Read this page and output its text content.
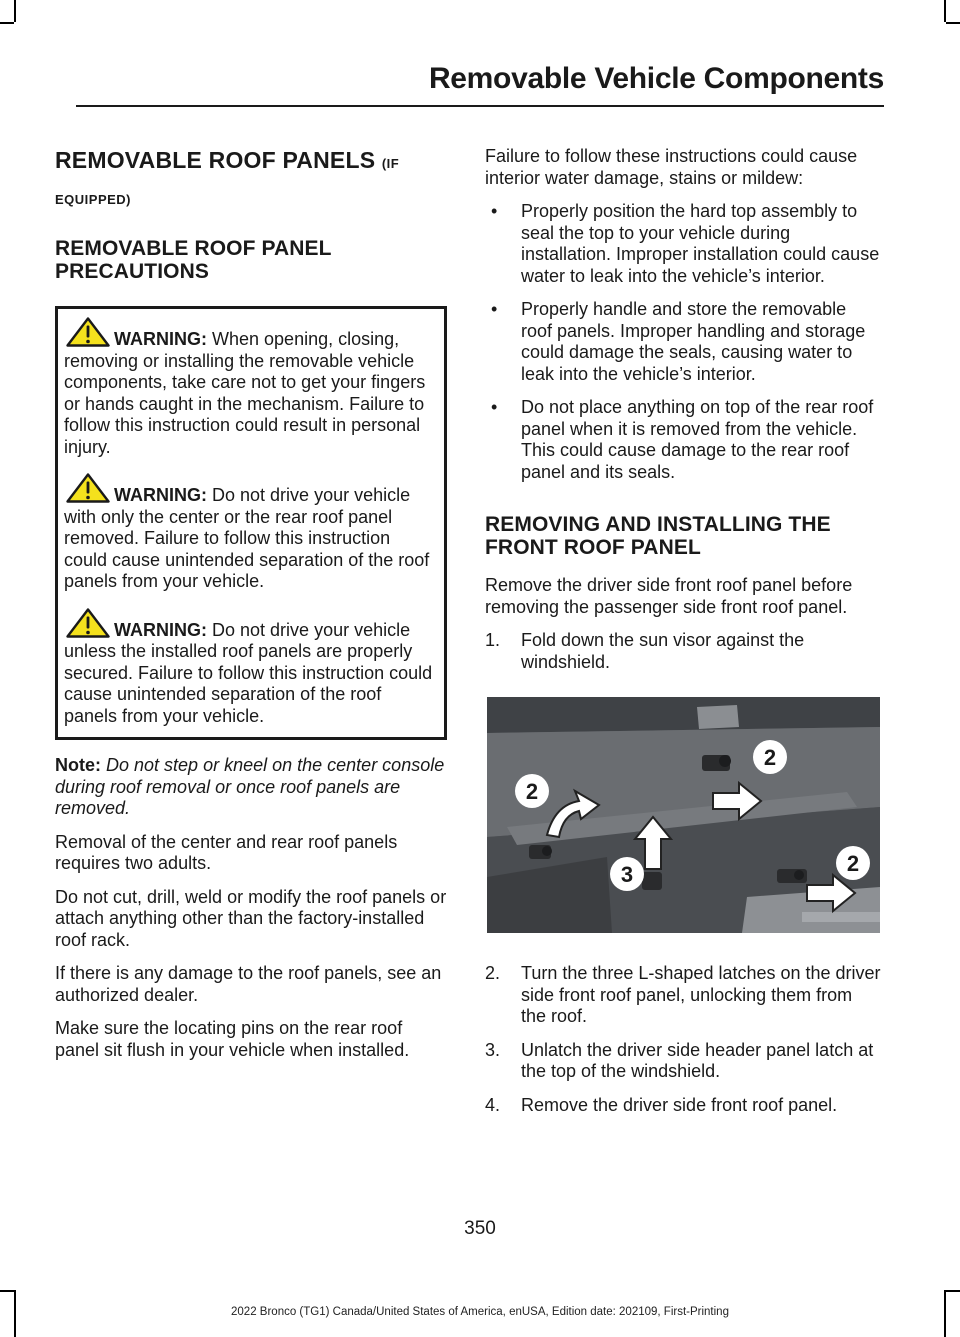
Removable Vehicle Components
REMOVABLE ROOF PANELS (IF
EQUIPPED)
REMOVABLE ROOF PANEL
PRECAUTIONS
WARNING: When opening, closing, removing or installing the removable vehicle components, take care not to get your fingers or hands caught in the mechanism. Failure to follow this instruction could result in personal injury.
WARNING: Do not drive your vehicle with only the center or the rear roof panel removed. Failure to follow this instruction could cause unintended separation of the roof panels from your vehicle.
WARNING: Do not drive your vehicle unless the installed roof panels are properly secured. Failure to follow this instruction could cause unintended separation of the roof panels from your vehicle.

Note: Do not step or kneel on the center console during roof removal or once roof panels are removed.

Removal of the center and rear roof panels requires two adults.

Do not cut, drill, weld or modify the roof panels or attach anything other than the factory-installed roof rack.

If there is any damage to the roof panels, see an authorized dealer.

Make sure the locating pins on the rear roof panel sit flush in your vehicle when installed.

Failure to follow these instructions could cause interior water damage, stains or mildew:

• Properly position the hard top assembly to seal the top to your vehicle during installation. Improper installation could cause water to leak into the vehicle’s interior.
• Properly handle and store the removable roof panels. Improper handling and storage could damage the seals, causing water to leak into the vehicle’s interior.
• Do not place anything on top of the rear roof panel when it is removed from the vehicle. This could cause damage to the rear roof panel and its seals.
REMOVING AND INSTALLING THE
FRONT ROOF PANEL

Remove the driver side front roof panel before removing the passenger side front roof panel.

1. Fold down the sun visor against the windshield.
2
2
2
3
2. Turn the three L-shaped latches on the driver side front roof panel, unlocking them from the roof.
3. Unlatch the driver side header panel latch at the top of the windshield.
4. Remove the driver side front roof panel.
350
2022 Bronco (TG1) Canada/United States of America, enUSA, Edition date: 202109, First-Printing
